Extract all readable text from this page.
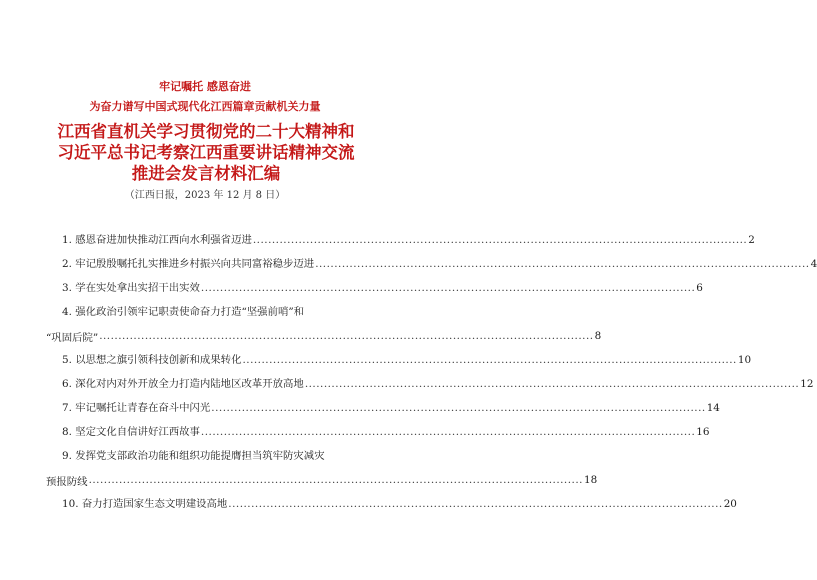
牢记嘱托 感恩奋进
为奋力谱写中国式现代化江西篇章贡献机关力量
江西省直机关学习贯彻党的二十大精神和习近平总书记考察江西重要讲话精神交流推进会发言材料汇编
（江西日报，2023 年 12 月 8 日）
1. 感恩奋进加快推动江西向水利强省迈进 .....	2
2. 牢记殷殷嘱托扎实推进乡村振兴向共同富裕稳步迈进 .....	4
3. 学在实处拿出实招干出实效 .....	6
4. 强化政治引领牢记职责使命奋力打造“坚强前哨”和
“巩固后院” .....	8
5. 以思想之旗引领科技创新和成果转化 .....	10
6. 深化对内对外开放全力打造内陆地区改革开放高地 .....	12
7. 牢记嘱托让青春在奋斗中闪光 .....	14
8. 坚定文化自信讲好江西故事 .....	16
9. 发挥党支部政治功能和组织功能提膺担当筑牢防灾减灾
预报防线 .....	18
10. 奋力打造国家生态文明建设高地 .....	20
